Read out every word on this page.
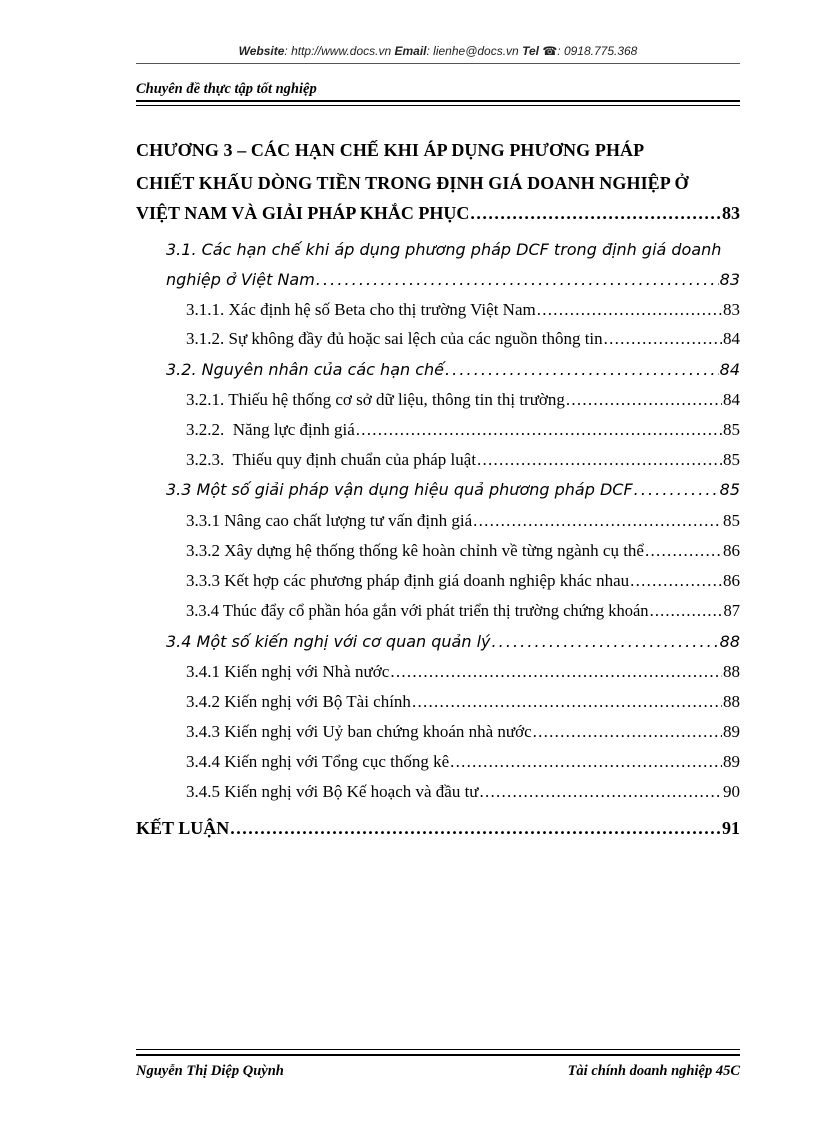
Website: http://www.docs.vn Email: lienhe@docs.vn Tel ☎: 0918.775.368
Chuyên đề thực tập tốt nghiệp
CHƯƠNG 3 – CÁC HẠN CHẾ KHI ÁP DỤNG PHƯƠNG PHÁP
CHIẾT KHẤU DÒNG TIỀN TRONG ĐỊNH GIÁ DOANH NGHIỆP Ở
VIỆT NAM VÀ GIẢI PHÁP KHẮC PHỤC . . .	83
3.1. Các hạn chế khi áp dụng phương pháp DCF trong định giá doanh
nghiệp ở Việt Nam . . .	83
3.1.1. Xác định hệ số Beta cho thị trường Việt Nam . . .	83
3.1.2. Sự không đầy đủ hoặc sai lệch của các nguồn thông tin . . .	84
3.2. Nguyên nhân của các hạn chế . . .	84
3.2.1. Thiếu hệ thống cơ sở dữ liệu, thông tin thị trường . . .	84
3.2.2.  Năng lực định giá . . .	85
3.2.3.  Thiếu quy định chuẩn của pháp luật . . .	85
3.3 Một số giải pháp vận dụng hiệu quả phương pháp DCF . . .	85
3.3.1 Nâng cao chất lượng tư vấn định giá . . .	85
3.3.2 Xây dựng hệ thống thống kê hoàn chỉnh về từng ngành cụ thể . . .	86
3.3.3 Kết hợp các phương pháp định giá doanh nghiệp khác nhau . . .	86
3.3.4 Thúc đẩy cổ phần hóa gắn với phát triển thị trường chứng khoán . . .	87
3.4 Một số kiến nghị với cơ quan quản lý . . .	88
3.4.1 Kiến nghị với Nhà nước . . .	88
3.4.2 Kiến nghị với Bộ Tài chính . . .	88
3.4.3 Kiến nghị với Uỷ ban chứng khoán nhà nước . . .	89
3.4.4 Kiến nghị với Tổng cục thống kê . . .	89
3.4.5 Kiến nghị với Bộ Kế hoạch và đầu tư . . .	90
KẾT LUẬN . . .	91
Nguyễn Thị Diệp Quỳnh	Tài chính doanh nghiệp 45C
